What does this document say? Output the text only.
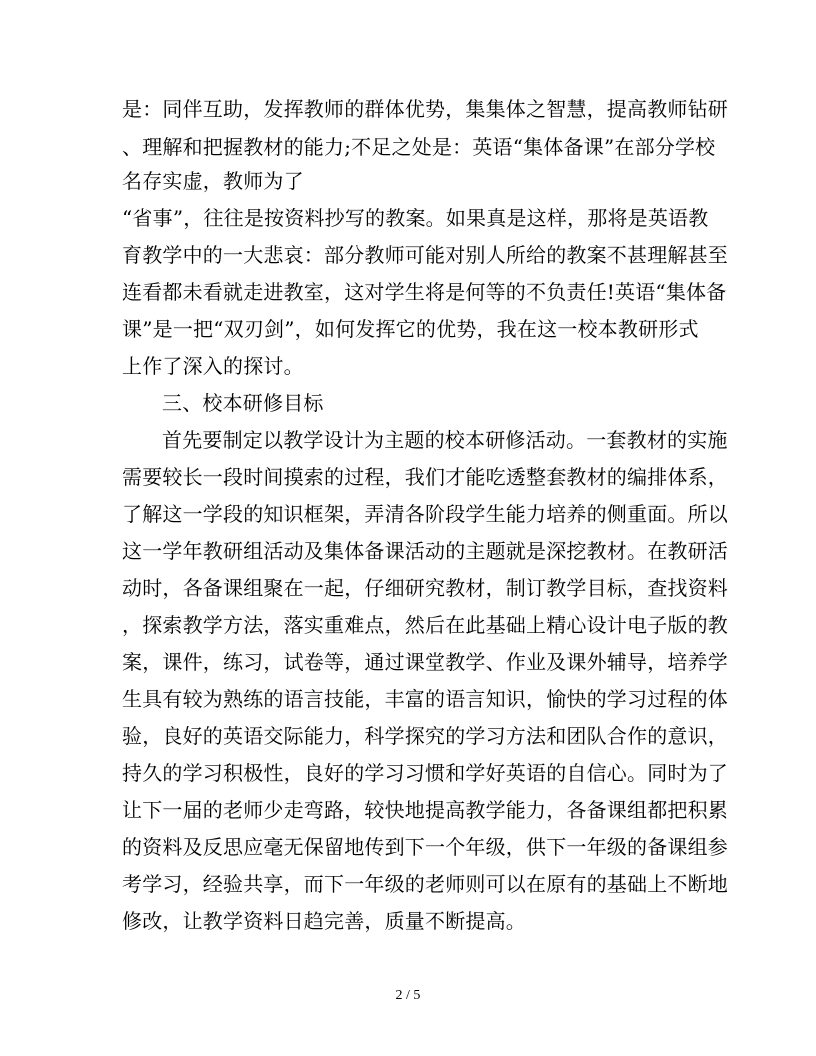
是：同伴互助，发挥教师的群体优势，集集体之智慧，提高教师钻研
、理解和把握教材的能力;不足之处是：英语“集体备课”在部分学校
名存实虚，教师为了
“省事”，往往是按资料抄写的教案。如果真是这样，那将是英语教
育教学中的一大悲哀：部分教师可能对别人所给的教案不甚理解甚至
连看都未看就走进教室，这对学生将是何等的不负责任!英语“集体备
课”是一把“双刃剑”，如何发挥它的优势，我在这一校本教研形式
上作了深入的探讨。
三、校本研修目标
首先要制定以教学设计为主题的校本研修活动。一套教材的实施
需要较长一段时间摸索的过程，我们才能吃透整套教材的编排体系，
了解这一学段的知识框架，弄清各阶段学生能力培养的侧重面。所以
这一学年教研组活动及集体备课活动的主题就是深挖教材。在教研活
动时，各备课组聚在一起，仔细研究教材，制订教学目标，查找资料
，探索教学方法，落实重难点，然后在此基础上精心设计电子版的教
案，课件，练习，试卷等，通过课堂教学、作业及课外辅导，培养学
生具有较为熟练的语言技能，丰富的语言知识，愉快的学习过程的体
验，良好的英语交际能力，科学探究的学习方法和团队合作的意识，
持久的学习积极性，良好的学习习惯和学好英语的自信心。同时为了
让下一届的老师少走弯路，较快地提高教学能力，各备课组都把积累
的资料及反思应毫无保留地传到下一个年级，供下一年级的备课组参
考学习，经验共享，而下一年级的老师则可以在原有的基础上不断地
修改，让教学资料日趋完善，质量不断提高。
2 / 5
